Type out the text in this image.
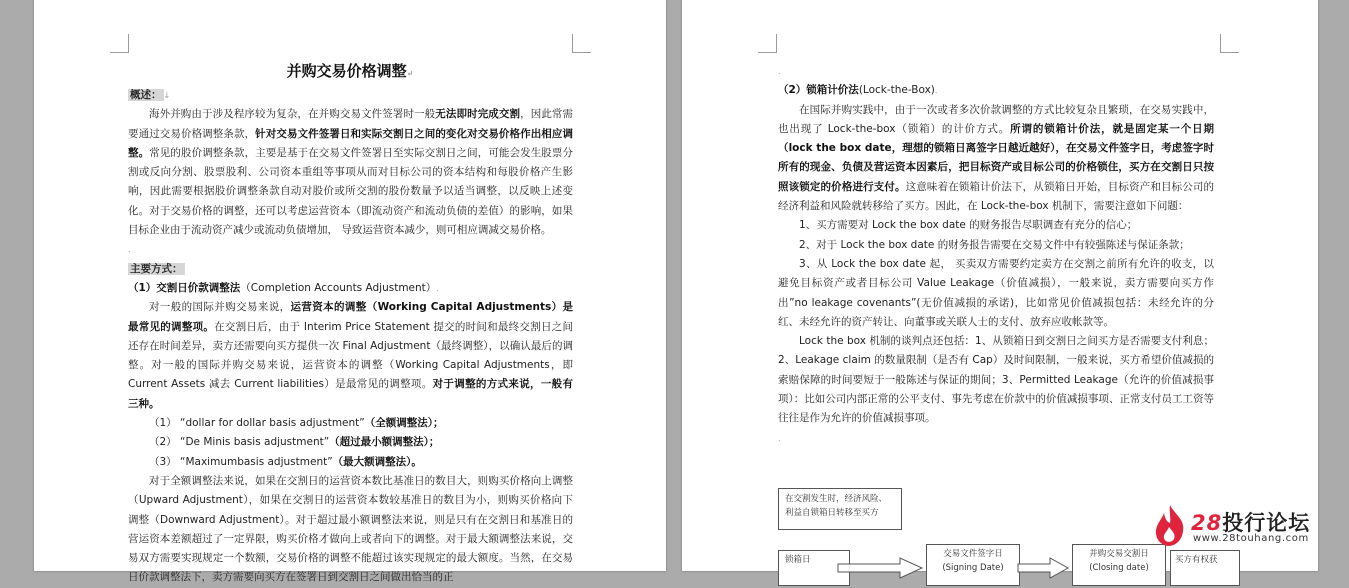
并购交易价格调整↵

概述： ↓

海外并购由于涉及程序较为复杂，在并购交易文件签署时一般无法即时完成交割，因此常需要通过交易价格调整条款，针对交易文件签署日和实际交割日之间的变化对交易价格作出相应调整。常见的股价调整条款，主要是基于在交易文件签署日至实际交割日之间，可能会发生股票分割或反向分割、股票股利、公司资本重组等事项从而对目标公司的资本结构和每股价格产生影响，因此需要根据股价调整条款自动对股价或所交割的股份数量予以适当调整，以反映上述变化。对于交易价格的调整，还可以考虑运营资本（即流动资产和流动负债的差值）的影响，如果目标企业由于流动资产减少或流动负债增加， 导致运营资本减少，则可相应调减交易价格。

.

主要方式：

（1）交割日价款调整法（Completion Accounts Adjustment）.

对一般的国际并购交易来说，运营资本的调整（Working Capital Adjustments）是最常见的调整项。在交割日后，由于 Interim Price Statement 提交的时间和最终交割日之间还存在时间差异，卖方还需要向买方提供一次 Final Adjustment（最终调整），以确认最后的调整。对一般的国际并购交易来说，运营资本的调整（Working Capital Adjustments，即 Current Assets 减去 Current liabilities）是最常见的调整项。对于调整的方式来说，一般有三种。

（1） “dollar for dollar basis adjustment”（全额调整法）；

（2） “De Minis basis adjustment”（超过最小额调整法）；

（3） “Maximumbasis adjustment”（最大额调整法）。

对于全额调整法来说，如果在交割日的运营资本数比基准日的数目大，则购买价格向上调整（Upward Adjustment），如果在交割日的运营资本数较基准日的数目为小，则购买价格向下调整（Downward Adjustment）。对于超过最小额调整法来说，则是只有在交割日和基准日的营运资本差额超过了一定界限，购买价格才做向上或者向下的调整。对于最大额调整法来说，交易双方需要实现规定一个数额，交易价格的调整不能超过该实现规定的最大额度。当然，在交易日价款调整法下，卖方需要向买方在签署日到交割日之间做出恰当的正

.

（2）锁箱计价法(Lock-the-Box).

在国际并购实践中，由于一次或者多次价款调整的方式比较复杂且繁琐，在交易实践中，也出现了 Lock-the-box（锁箱）的计价方式。所谓的锁箱计价法，就是固定某一个日期（lock the box date，理想的锁箱日离签字日越近越好），在交易文件签字日，考虑签字时所有的现金、负债及营运资本因素后，把目标资产或目标公司的价格锁住，买方在交割日只按照该锁定的价格进行支付。这意味着在锁箱计价法下，从锁箱日开始，目标资产和目标公司的经济利益和风险就转移给了买方。因此，在 Lock-the-box 机制下，需要注意如下问题：

1、买方需要对 Lock the box date 的财务报告尽职调查有充分的信心；

2、对于 Lock the box date 的财务报告需要在交易文件中有较强陈述与保证条款；

3、从 Lock the box date 起， 买卖双方需要约定卖方在交割之前所有允许的收支，以避免目标资产或者目标公司 Value Leakage（价值减损），一般来说，卖方需要向买方作出”no leakage covenants”(无价值减损的承诺)，比如常见价值减损包括：未经允许的分红、未经允许的资产转让、向董事或关联人士的支付、放弃应收帐款等。

Lock the box 机制的谈判点还包括：1、从锁箱日到交割日之间买方是否需要支付利息；2、Leakage claim 的数量限制（是否有 Cap）及时间限制，一般来说，买方希望价值减损的索赔保障的时间要短于一般陈述与保证的期间；3、Permitted Leakage（允许的价值减损事项）：比如公司内部正常的公平支付、事先考虑在价款中的价值减损事项、正常支付员工工资等往往是作为允许的价值减损事项。

.

在交割发生时，经济风险、利益自锁箱日转移至买方
锁箱日
交易文件签字日
(Signing Date)
并购交易交割日
(Closing date)
买方有权获
28投行论坛
www.28touhang.com
